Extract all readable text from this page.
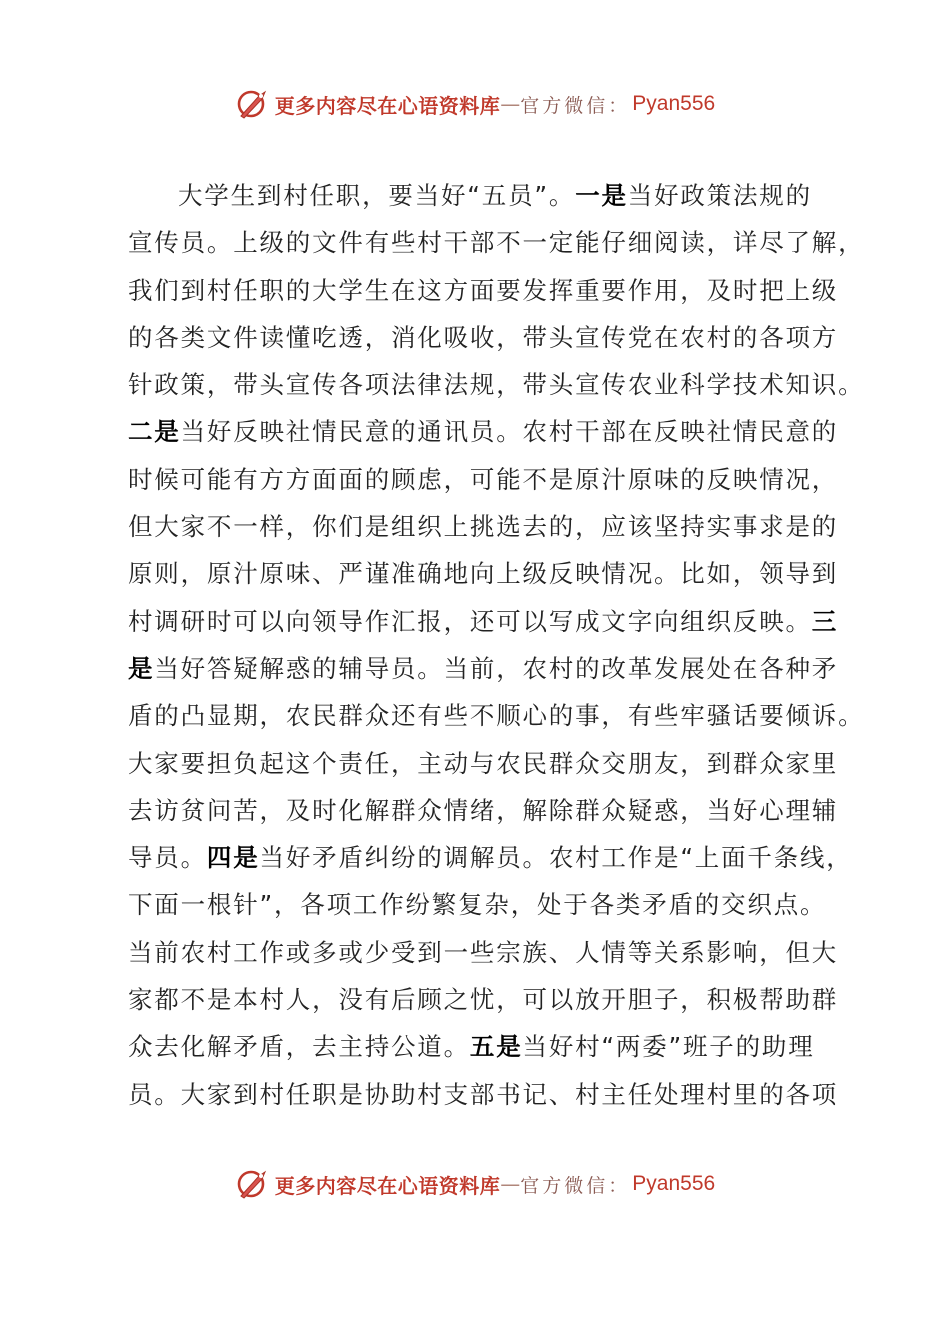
更多内容尽在心语资料库 — 官方微信： Pyan556
大学生到村任职，要当好“五员”。一是当好政策法规的
宣传员。上级的文件有些村干部不一定能仔细阅读，详尽了解，
我们到村任职的大学生在这方面要发挥重要作用，及时把上级
的各类文件读懂吃透，消化吸收，带头宣传党在农村的各项方
针政策，带头宣传各项法律法规，带头宣传农业科学技术知识。
二是当好反映社情民意的通讯员。农村干部在反映社情民意的
时候可能有方方面面的顾虑，可能不是原汁原味的反映情况，
但大家不一样，你们是组织上挑选去的，应该坚持实事求是的
原则，原汁原味、严谨准确地向上级反映情况。比如，领导到
村调研时可以向领导作汇报，还可以写成文字向组织反映。三
是当好答疑解惑的辅导员。当前，农村的改革发展处在各种矛
盾的凸显期，农民群众还有些不顺心的事，有些牢骚话要倾诉。
大家要担负起这个责任，主动与农民群众交朋友，到群众家里
去访贫问苦，及时化解群众情绪，解除群众疑惑，当好心理辅
导员。四是当好矛盾纠纷的调解员。农村工作是“上面千条线，
下面一根针”，各项工作纷繁复杂，处于各类矛盾的交织点。
当前农村工作或多或少受到一些宗族、人情等关系影响，但大
家都不是本村人，没有后顾之忧，可以放开胆子，积极帮助群
众去化解矛盾，去主持公道。五是当好村“两委”班子的助理
员。大家到村任职是协助村支部书记、村主任处理村里的各项
更多内容尽在心语资料库 — 官方微信： Pyan556
